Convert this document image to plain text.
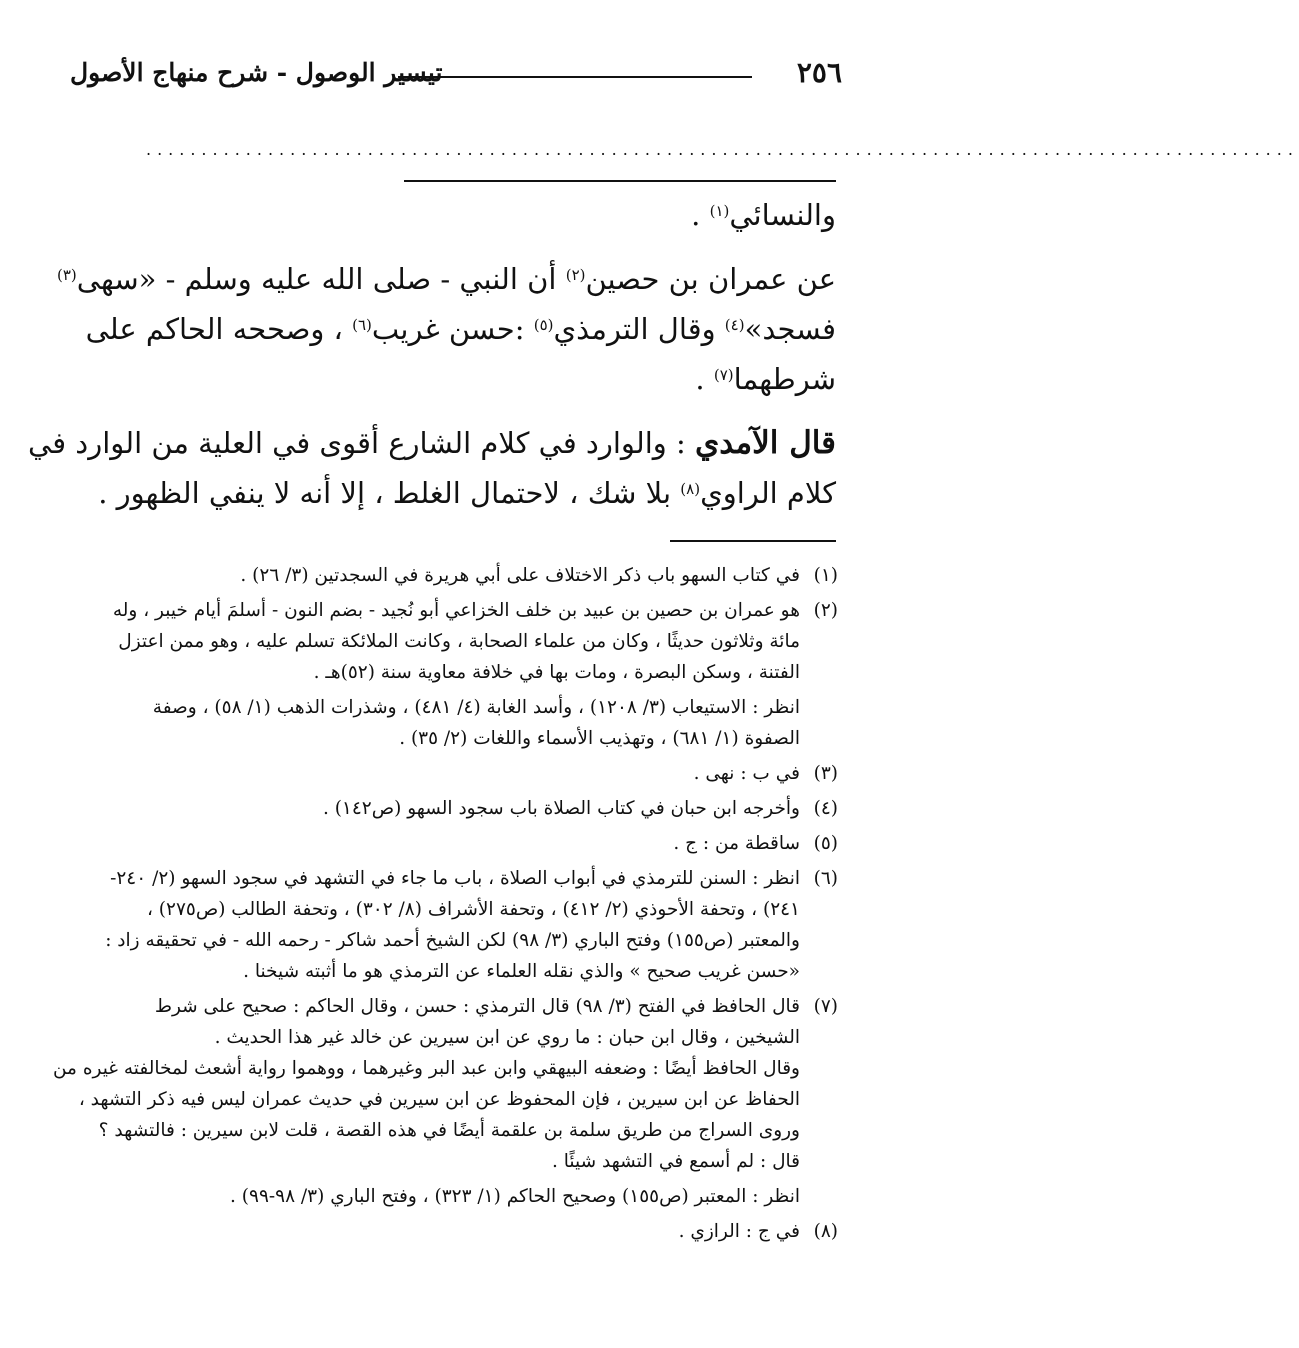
٢٥٦
تيسير الوصول - شرح منهاج الأصول
........................................................................................................

والنسائي$^{(١)}$ .

عن عمران بن حصين$^{(٢)}$ أن النبي - صلى الله عليه وسلم - «سهى$^{(٣)}$
فسجد»$^{(٤)}$ وقال الترمذي$^{(٥)}$ :حسن غريب$^{(٦)}$ ، وصححه الحاكم على
شرطهما$^{(٧)}$ .

قال الآمدي : والوارد في كلام الشارع أقوى في العلية من الوارد في
كلام الراوي$^{(٨)}$ بلا شك ، لاحتمال الغلط ، إلا أنه لا ينفي الظهور .

(١)
في كتاب السهو باب ذكر الاختلاف على أبي هريرة في السجدتين (٣/ ٢٦) .
(٢)
هو عمران بن حصين بن عبيد بن خلف الخزاعي أبو نُجيد - بضم النون - أسلمَ أيام خيبر ، وله
مائة وثلاثون حديثًا ، وكان من علماء الصحابة ، وكانت الملائكة تسلم عليه ، وهو ممن اعتزل
الفتنة ، وسكن البصرة ، ومات بها في خلافة معاوية سنة (٥٢)هـ .
انظر : الاستيعاب (٣/ ١٢٠٨) ، وأسد الغابة (٤/ ٤٨١) ، وشذرات الذهب (١/ ٥٨) ، وصفة
الصفوة (١/ ٦٨١) ، وتهذيب الأسماء واللغات (٢/ ٣٥) .
(٣)
في ب : نهى .
(٤)
وأخرجه ابن حبان في كتاب الصلاة باب سجود السهو (ص١٤٢) .
(٥)
ساقطة من : ج .
(٦)
انظر : السنن للترمذي في أبواب الصلاة ، باب ما جاء في التشهد في سجود السهو (٢/ ٢٤٠-
٢٤١) ، وتحفة الأحوذي (٢/ ٤١٢) ، وتحفة الأشراف (٨/ ٣٠٢) ، وتحفة الطالب (ص٢٧٥) ،
والمعتبر (ص١٥٥) وفتح الباري (٣/ ٩٨) لكن الشيخ أحمد شاكر - رحمه الله - في تحقيقه زاد :
«حسن غريب صحيح » والذي نقله العلماء عن الترمذي هو ما أثبته شيخنا .
(٧)
قال الحافظ في الفتح (٣/ ٩٨) قال الترمذي : حسن ، وقال الحاكم : صحيح على شرط
الشيخين ، وقال ابن حبان : ما روي عن ابن سيرين عن خالد غير هذا الحديث .
وقال الحافظ أيضًا : وضعفه البيهقي وابن عبد البر وغيرهما ، ووهموا رواية أشعث لمخالفته غيره من
الحفاظ عن ابن سيرين ، فإن المحفوظ عن ابن سيرين في حديث عمران ليس فيه ذكر التشهد ،
وروى السراج من طريق سلمة بن علقمة أيضًا في هذه القصة ، قلت لابن سيرين : فالتشهد ؟
قال : لم أسمع في التشهد شيئًا .
انظر : المعتبر (ص١٥٥) وصحيح الحاكم (١/ ٣٢٣) ، وفتح الباري (٣/ ٩٨-٩٩) .
(٨)
في ج : الرازي .
